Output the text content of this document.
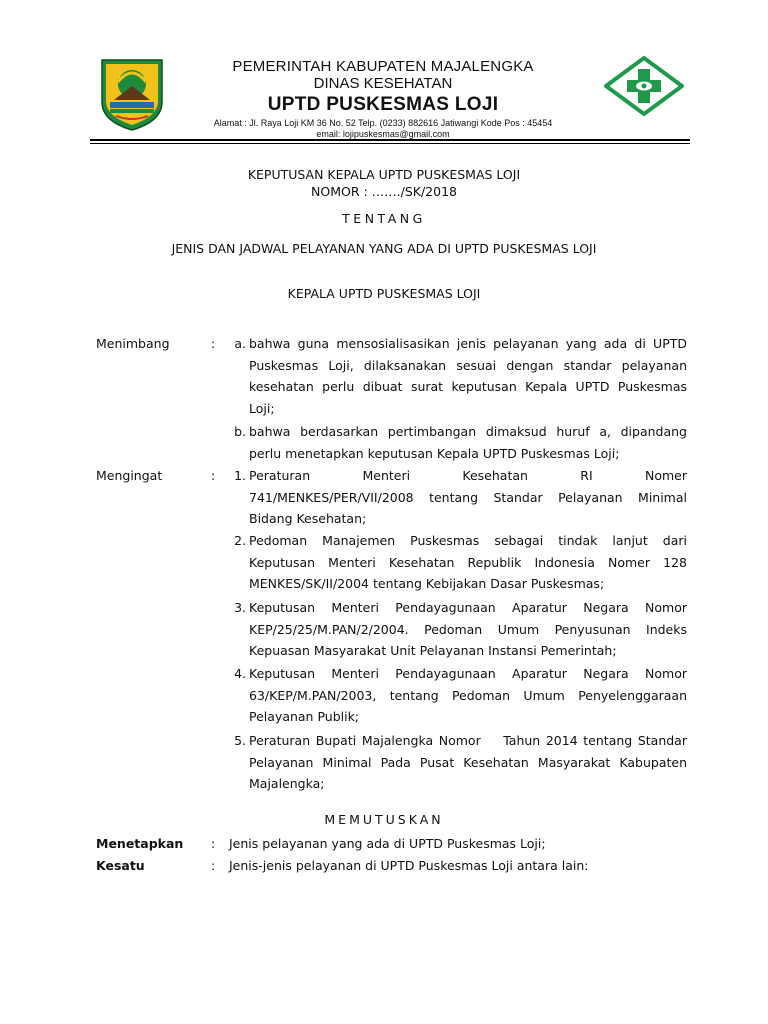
PEMERINTAH KABUPATEN MAJALENGKA
DINAS KESEHATAN
UPTD PUSKESMAS LOJI
Alamat : Jl. Raya Loji KM 36 No. 52 Telp. (0233) 882616 Jatiwangi Kode Pos : 45454
email: lojipuskesmas@gmail.com
KEPUTUSAN KEPALA UPTD PUSKESMAS LOJI
NOMOR : ……./SK/2018
TENTANG
JENIS DAN JADWAL PELAYANAN YANG ADA DI UPTD PUSKESMAS LOJI
KEPALA UPTD PUSKESMAS LOJI
Menimbang	:	a. bahwa guna mensosialisasikan jenis pelayanan yang ada di UPTD
Puskesmas Loji, dilaksanakan sesuai dengan standar pelayanan
kesehatan perlu dibuat surat keputusan Kepala UPTD Puskesmas
Loji;
b. bahwa berdasarkan pertimbangan dimaksud huruf a, dipandang
perlu menetapkan keputusan Kepala UPTD Puskesmas Loji;
Mengingat	:	1. Peraturan Menteri Kesehatan RI Nomer
741/MENKES/PER/VII/2008 tentang Standar Pelayanan Minimal
Bidang Kesehatan;
2. Pedoman Manajemen Puskesmas sebagai tindak lanjut dari
Keputusan Menteri Kesehatan Republik Indonesia Nomer 128
MENKES/SK/II/2004 tentang Kebijakan Dasar Puskesmas;
3. Keputusan Menteri Pendayagunaan Aparatur Negara Nomor
KEP/25/25/M.PAN/2/2004. Pedoman Umum Penyusunan Indeks
Kepuasan Masyarakat Unit Pelayanan Instansi Pemerintah;
4. Keputusan Menteri Pendayagunaan Aparatur Negara Nomor
63/KEP/M.PAN/2003, tentang Pedoman Umum Penyelenggaraan
Pelayanan Publik;
5. Peraturan Bupati Majalengka Nomor    Tahun 2014 tentang Standar
Pelayanan Minimal Pada Pusat Kesehatan Masyarakat Kabupaten
Majalengka;
MEMUTUSKAN
Menetapkan : Jenis pelayanan yang ada di UPTD Puskesmas Loji;
Kesatu	: Jenis-jenis pelayanan di UPTD Puskesmas Loji antara lain:
